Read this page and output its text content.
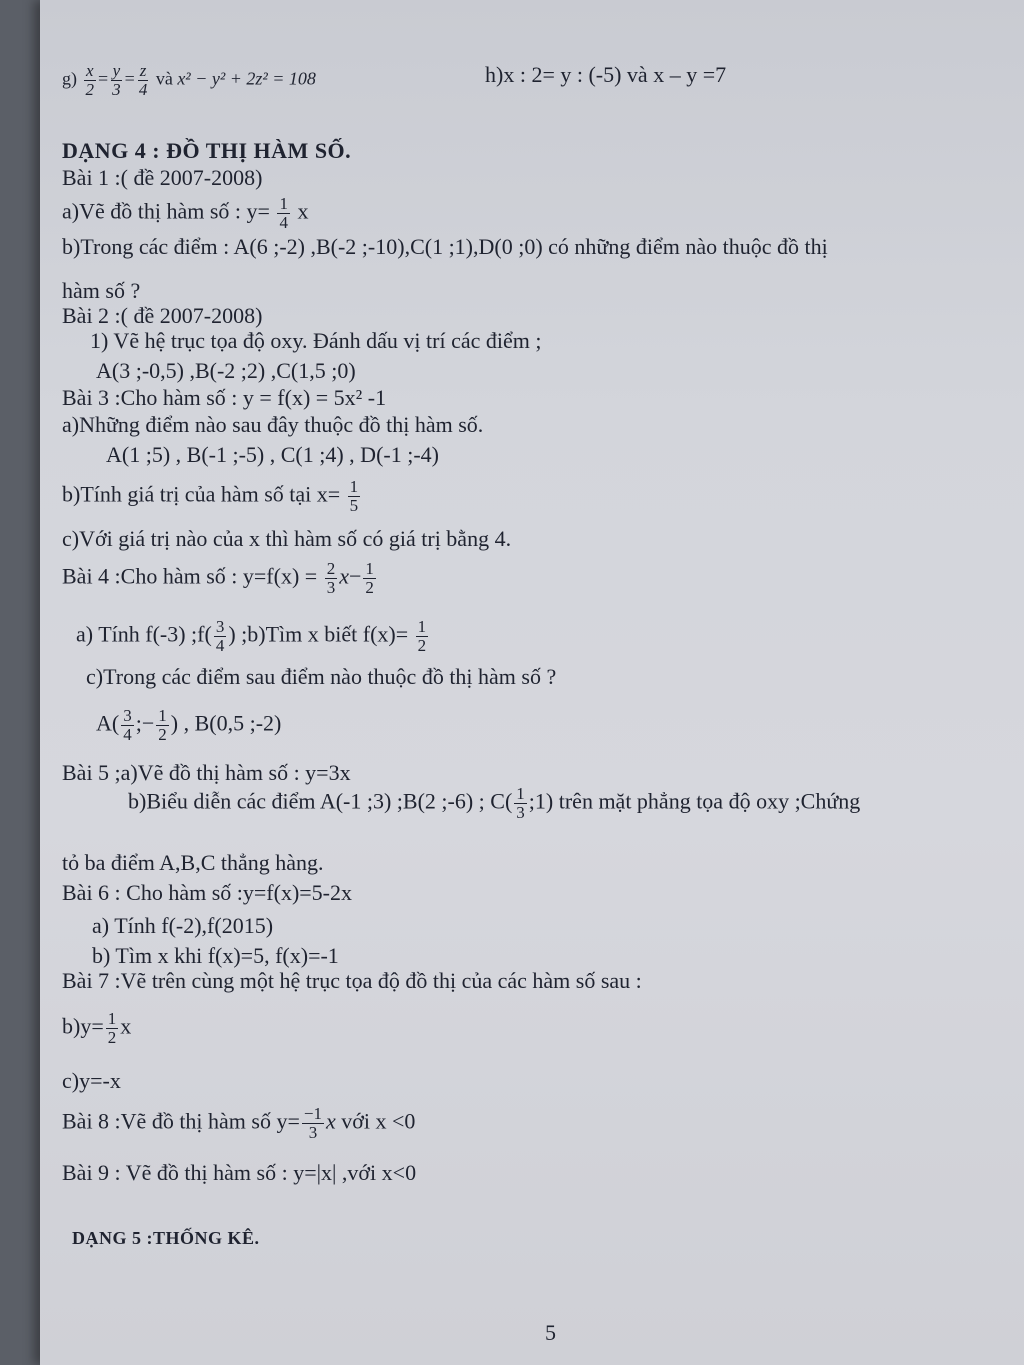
$g) \frac{x}{2} = \frac{y}{3} = \frac{z}{4}$ và x² − y² + 2z² = 108	h)x : 2= y : (-5) và x – y =7
DẠNG 4 : ĐỒ THỊ HÀM SỐ.
Bài 1 :( đề 2007-2008)
a)Vẽ đồ thị hàm số : $y= \frac{1}{4}$ x
b)Trong các điểm : A(6 ;-2) ,B(-2 ;-10),C(1 ;1),D(0 ;0) có những điểm nào thuộc đồ thị
hàm số ?
Bài 2 :( đề 2007-2008)
1) Vẽ hệ trục tọa độ oxy. Đánh dấu vị trí các điểm ;
A(3 ;-0,5) ,B(-2 ;2) ,C(1,5 ;0)
Bài 3 :Cho hàm số : y = f(x) = 5x² -1
a)Những điểm nào sau đây thuộc đồ thị hàm số.
A(1 ;5) , B(-1 ;-5) , C(1 ;4) , D(-1 ;-4)
b)Tính giá trị của hàm số tại $x= \frac{1}{5}$
c)Với giá trị nào của x thì hàm số có giá trị bằng 4.
Bài 4 :Cho hàm số : $y=f(x) = \frac{2}{3} x- \frac{1}{2}$
a) Tính f(-3) ;f( $\frac{3}{4}$ ) ;b)Tìm x biết $f(x)= \frac{1}{2}$
c)Trong các điểm sau điểm nào thuộc đồ thị hàm số ?
$A( \frac{3}{4}$ ;− $\frac{1}{2}$ ) , B(0,5 ;-2)
Bài 5 ;a)Vẽ đồ thị hàm số : y=3x
b)Biểu diễn các điểm A(-1 ;3) ;B(2 ;-6) ; $C( \frac{1}{3}$ ;1) trên mặt phẳng tọa độ oxy ;Chứng
tỏ ba điểm A,B,C thẳng hàng.
Bài 6 : Cho hàm số :y=f(x)=5-2x
a) Tính f(-2),f(2015)
b) Tìm x khi f(x)=5, f(x)=-1
Bài 7 :Vẽ trên cùng một hệ trục tọa độ đồ thị của các hàm số sau :
$b)y= \frac{1}{2}$ x
c)y=-x
Bài 8 :Vẽ đồ thị hàm số $y= \frac{-1}{3}$ x với x <0
Bài 9 : Vẽ đồ thị hàm số : y=|x| ,với x<0
DẠNG 5 :THỐNG KÊ.
5
